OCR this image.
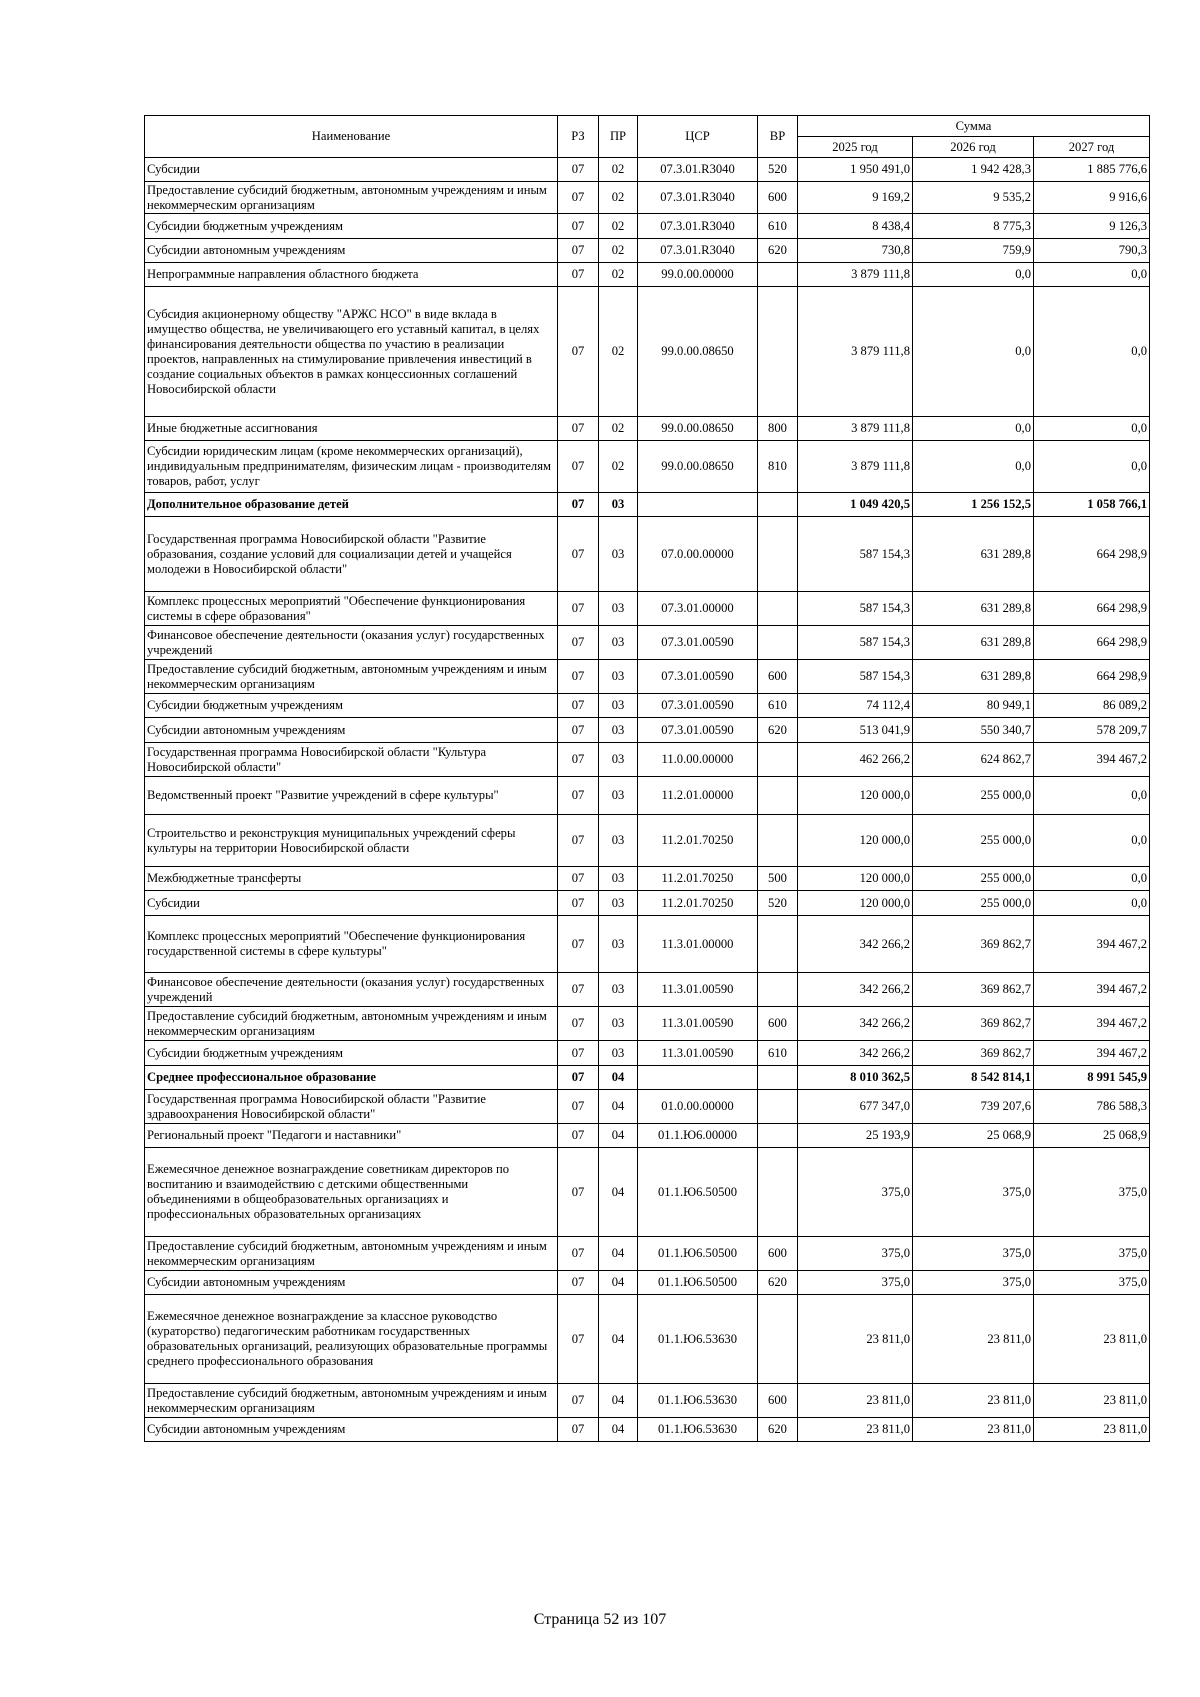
Наименование	РЗ	ПР	ЦСР	ВР	Сумма		
					2025 год	2026 год	2027 год
Субсидии	07	02	07.3.01.R3040	520	1 950 491,0	1 942 428,3	1 885 776,6
Предоставление субсидий бюджетным, автономным учреждениям и иным некоммерческим организациям	07	02	07.3.01.R3040	600	9 169,2	9 535,2	9 916,6
Субсидии бюджетным учреждениям	07	02	07.3.01.R3040	610	8 438,4	8 775,3	9 126,3
Субсидии автономным учреждениям	07	02	07.3.01.R3040	620	730,8	759,9	790,3
Непрограммные направления областного бюджета	07	02	99.0.00.00000		3 879 111,8	0,0	0,0
Субсидия акционерному обществу "АРЖС НСО" в виде вклада в имущество общества, не увеличивающего его уставный капитал, в целях финансирования деятельности общества по участию в реализации проектов, направленных на стимулирование привлечения инвестиций в создание социальных объектов в рамках концессионных соглашений Новосибирской области	07	02	99.0.00.08650		3 879 111,8	0,0	0,0
Иные бюджетные ассигнования	07	02	99.0.00.08650	800	3 879 111,8	0,0	0,0
Субсидии юридическим лицам (кроме некоммерческих организаций), индивидуальным предпринимателям, физическим лицам - производителям товаров, работ, услуг	07	02	99.0.00.08650	810	3 879 111,8	0,0	0,0
Дополнительное образование детей	07	03			1 049 420,5	1 256 152,5	1 058 766,1
Государственная программа Новосибирской области "Развитие образования, создание условий для социализации детей и учащейся молодежи в Новосибирской области"	07	03	07.0.00.00000		587 154,3	631 289,8	664 298,9
Комплекс процессных мероприятий "Обеспечение функционирования системы в сфере образования"	07	03	07.3.01.00000		587 154,3	631 289,8	664 298,9
Финансовое обеспечение деятельности (оказания услуг) государственных учреждений	07	03	07.3.01.00590		587 154,3	631 289,8	664 298,9
Предоставление субсидий бюджетным, автономным учреждениям и иным некоммерческим организациям	07	03	07.3.01.00590	600	587 154,3	631 289,8	664 298,9
Субсидии бюджетным учреждениям	07	03	07.3.01.00590	610	74 112,4	80 949,1	86 089,2
Субсидии автономным учреждениям	07	03	07.3.01.00590	620	513 041,9	550 340,7	578 209,7
Государственная программа Новосибирской области "Культура Новосибирской области"	07	03	11.0.00.00000		462 266,2	624 862,7	394 467,2
Ведомственный проект "Развитие учреждений в сфере культуры"	07	03	11.2.01.00000		120 000,0	255 000,0	0,0
Строительство и реконструкция муниципальных учреждений сферы культуры на территории Новосибирской области	07	03	11.2.01.70250		120 000,0	255 000,0	0,0
Межбюджетные трансферты	07	03	11.2.01.70250	500	120 000,0	255 000,0	0,0
Субсидии	07	03	11.2.01.70250	520	120 000,0	255 000,0	0,0
Комплекс процессных мероприятий "Обеспечение функционирования государственной системы в сфере культуры"	07	03	11.3.01.00000		342 266,2	369 862,7	394 467,2
Финансовое обеспечение деятельности (оказания услуг) государственных учреждений	07	03	11.3.01.00590		342 266,2	369 862,7	394 467,2
Предоставление субсидий бюджетным, автономным учреждениям и иным некоммерческим организациям	07	03	11.3.01.00590	600	342 266,2	369 862,7	394 467,2
Субсидии бюджетным учреждениям	07	03	11.3.01.00590	610	342 266,2	369 862,7	394 467,2
Среднее профессиональное образование	07	04			8 010 362,5	8 542 814,1	8 991 545,9
Государственная программа Новосибирской области "Развитие здравоохранения Новосибирской области"	07	04	01.0.00.00000		677 347,0	739 207,6	786 588,3
Региональный проект "Педагоги и наставники"	07	04	01.1.Ю6.00000		25 193,9	25 068,9	25 068,9
Ежемесячное денежное вознаграждение советникам директоров по воспитанию и взаимодействию с детскими общественными объединениями в общеобразовательных организациях и профессиональных образовательных организациях	07	04	01.1.Ю6.50500		375,0	375,0	375,0
Предоставление субсидий бюджетным, автономным учреждениям и иным некоммерческим организациям	07	04	01.1.Ю6.50500	600	375,0	375,0	375,0
Субсидии автономным учреждениям	07	04	01.1.Ю6.50500	620	375,0	375,0	375,0
Ежемесячное денежное вознаграждение за классное руководство (кураторство) педагогическим работникам государственных образовательных организаций, реализующих образовательные программы среднего профессионального образования	07	04	01.1.Ю6.53630		23 811,0	23 811,0	23 811,0
Предоставление субсидий бюджетным, автономным учреждениям и иным некоммерческим организациям	07	04	01.1.Ю6.53630	600	23 811,0	23 811,0	23 811,0
Субсидии автономным учреждениям	07	04	01.1.Ю6.53630	620	23 811,0	23 811,0	23 811,0
Страница 52 из 107
